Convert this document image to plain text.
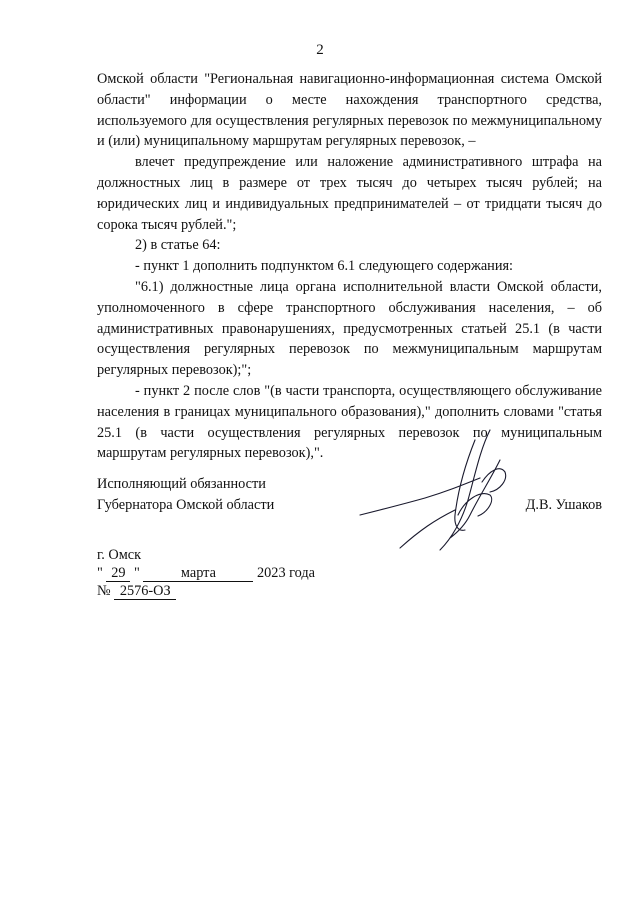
2

Омской области "Региональная навигационно-информационная система Омской области" информации о месте нахождения транспортного средства, используемого для осуществления регулярных перевозок по межмуниципальному и (или) муниципальному маршрутам регулярных перевозок, –

влечет предупреждение или наложение административного штрафа на должностных лиц в размере от трех тысяч до четырех тысяч рублей; на юридических лиц и индивидуальных предпринимателей – от тридцати тысяч до сорока тысяч рублей.";

2) в статье 64:

- пункт 1 дополнить подпунктом 6.1 следующего содержания:

"6.1) должностные лица органа исполнительной власти Омской области, уполномоченного в сфере транспортного обслуживания населения, – об административных правонарушениях, предусмотренных статьей 25.1 (в части осуществления регулярных перевозок по межмуниципальным маршрутам регулярных перевозок);";

- пункт 2 после слов "(в части транспорта, осуществляющего обслуживание населения в границах муниципального образования)," дополнить словами "статья 25.1 (в части осуществления регулярных перевозок по муниципальным маршрутам регулярных перевозок),".

Исполняющий обязанности
Губернатора Омской области	Д.В. Ушаков
г. Омск
" 29 "	марта	2023 года
№ 2576-ОЗ
